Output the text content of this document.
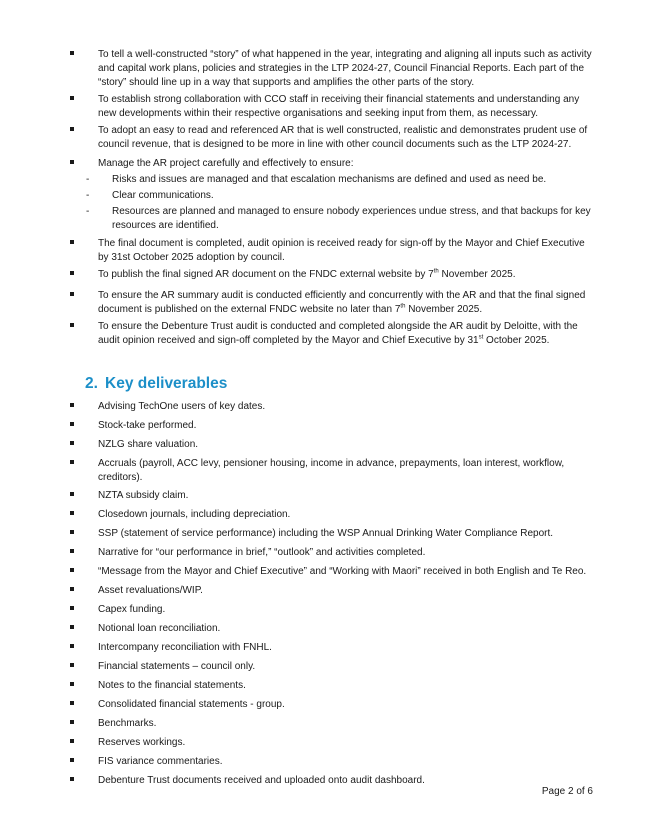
To tell a well-constructed “story” of what happened in the year, integrating and aligning all inputs such as activity and capital work plans, policies and strategies in the LTP 2024-27, Council Financial Reports. Each part of the “story” should line up in a way that supports and amplifies the other parts of the story.
To establish strong collaboration with CCO staff in receiving their financial statements and understanding any new developments within their respective organisations and seeking input from them, as necessary.
To adopt an easy to read and referenced AR that is well constructed, realistic and demonstrates prudent use of council revenue, that is designed to be more in line with other council documents such as the LTP 2024-27.
Manage the AR project carefully and effectively to ensure:
- Risks and issues are managed and that escalation mechanisms are defined and used as need be.
- Clear communications.
- Resources are planned and managed to ensure nobody experiences undue stress, and that backups for key resources are identified.
The final document is completed, audit opinion is received ready for sign-off by the Mayor and Chief Executive by 31st October 2025 adoption by council.
To publish the final signed AR document on the FNDC external website by 7th November 2025.
To ensure the AR summary audit is conducted efficiently and concurrently with the AR and that the final signed document is published on the external FNDC website no later than 7th November 2025.
To ensure the Debenture Trust audit is conducted and completed alongside the AR audit by Deloitte, with the audit opinion received and sign-off completed by the Mayor and Chief Executive by 31st October 2025.
2. Key deliverables
Advising TechOne users of key dates.
Stock-take performed.
NZLG share valuation.
Accruals (payroll, ACC levy, pensioner housing, income in advance, prepayments, loan interest, workflow, creditors).
NZTA subsidy claim.
Closedown journals, including depreciation.
SSP (statement of service performance) including the WSP Annual Drinking Water Compliance Report.
Narrative for “our performance in brief,” “outlook” and activities completed.
“Message from the Mayor and Chief Executive” and “Working with Maori” received in both English and Te Reo.
Asset revaluations/WIP.
Capex funding.
Notional loan reconciliation.
Intercompany reconciliation with FNHL.
Financial statements – council only.
Notes to the financial statements.
Consolidated financial statements - group.
Benchmarks.
Reserves workings.
FIS variance commentaries.
Debenture Trust documents received and uploaded onto audit dashboard.
Page 2 of 6
